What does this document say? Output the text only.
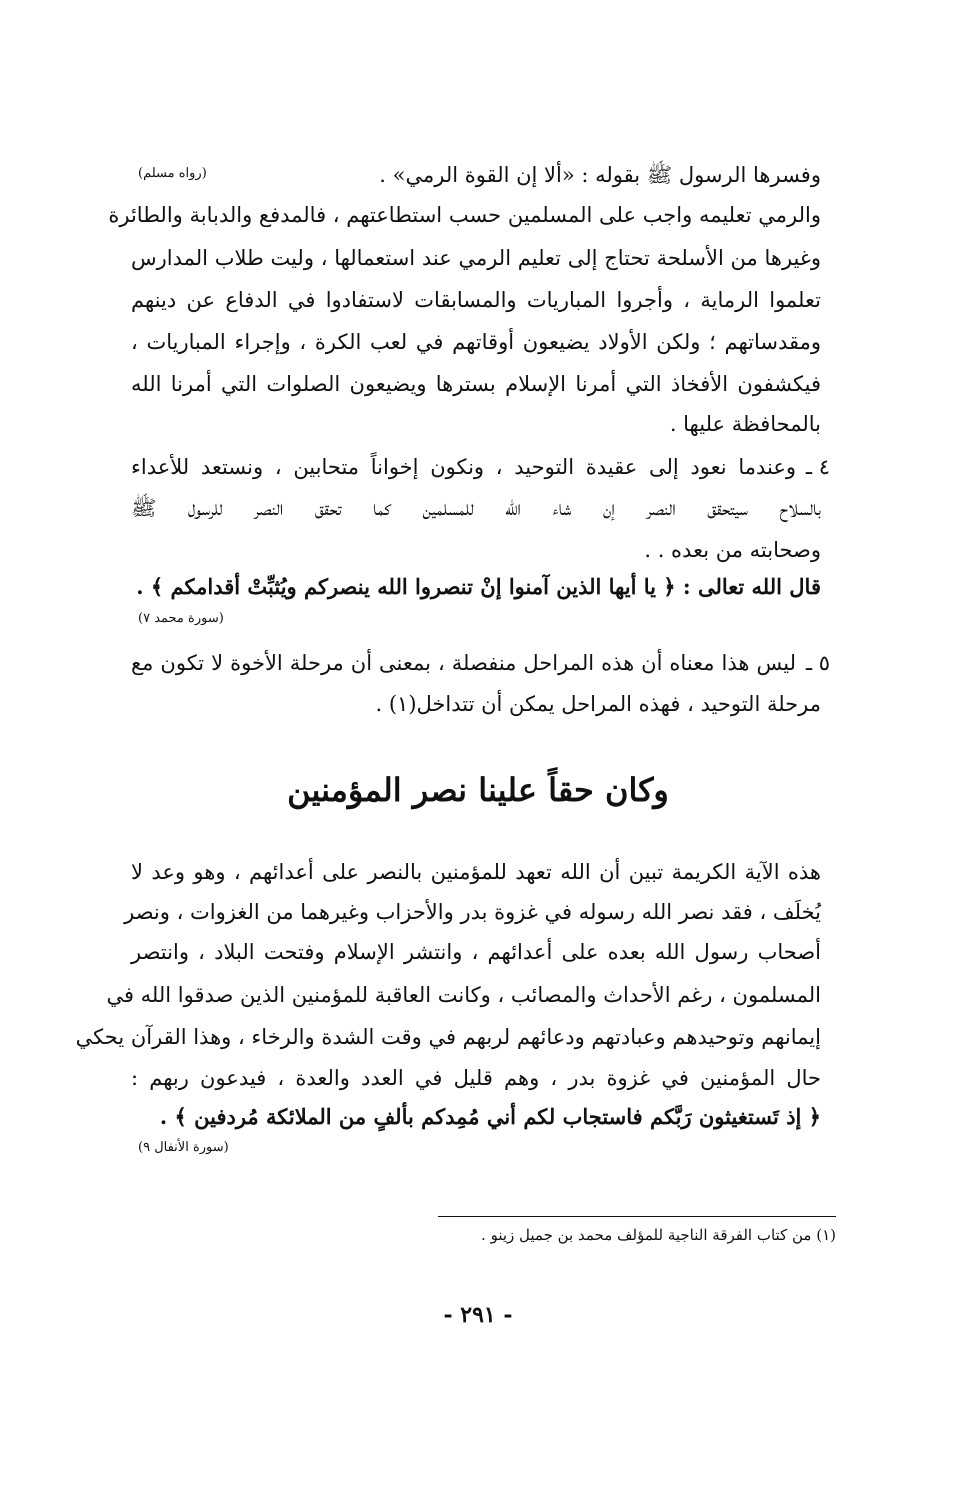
وفسرها الرسول ﷺ بقوله : «ألا إن القوة الرمي» .
(رواه مسلم)
والرمي تعليمه واجب على المسلمين حسب استطاعتهم ، فالمدفع والدبابة والطائرة
وغيرها من الأسلحة تحتاج إلى تعليم الرمي عند استعمالها ، وليت طلاب المدارس
تعلموا الرماية ، وأجروا المباريات والمسابقات لاستفادوا في الدفاع عن دينهم
ومقدساتهم ؛ ولكن الأولاد يضيعون أوقاتهم في لعب الكرة ، وإجراء المباريات ،
فيكشفون الأفخاذ التي أمرنا الإسلام بسترها ويضيعون الصلوات التي أمرنا الله
بالمحافظة عليها .
٤ ـ
وعندما نعود إلى عقيدة التوحيد ، ونكون إخواناً متحابين ، ونستعد للأعداء
بالسلاح سيتحقق النصر إن شاء الله للمسلمين كما تحقق النصر للرسول ﷺ
وصحابته من بعده . .
قال الله تعالى : ﴿ يا أيها الذين آمنوا إنْ تنصروا الله ينصركم ويُثبِّتْ أقدامكم ﴾ .
(سورة محمد ٧)
٥ ـ
ليس هذا معناه أن هذه المراحل منفصلة ، بمعنى أن مرحلة الأخوة لا تكون مع
مرحلة التوحيد ، فهذه المراحل يمكن أن تتداخل(١) .
وكان حقاً علينا نصر المؤمنين
هذه الآية الكريمة تبين أن الله تعهد للمؤمنين بالنصر على أعدائهم ، وهو وعد لا
يُخلَف ، فقد نصر الله رسوله في غزوة بدر والأحزاب وغيرهما من الغزوات ، ونصر
أصحاب رسول الله بعده على أعدائهم ، وانتشر الإسلام وفتحت البلاد ، وانتصر
المسلمون ، رغم الأحداث والمصائب ، وكانت العاقبة للمؤمنين الذين صدقوا الله في
إيمانهم وتوحيدهم وعبادتهم ودعائهم لربهم في وقت الشدة والرخاء ، وهذا القرآن يحكي
حال المؤمنين في غزوة بدر ، وهم قليل في العدد والعدة ، فيدعون ربهم :
﴿ إذ تَستغيثون رَبَّكم فاستجاب لكم أني مُمِدكم بألفٍ من الملائكة مُردفين ﴾ .
(سورة الأنفال ٩)
(١) من كتاب الفرقة الناجية للمؤلف محمد بن جميل زينو .
- ٢٩١ -
